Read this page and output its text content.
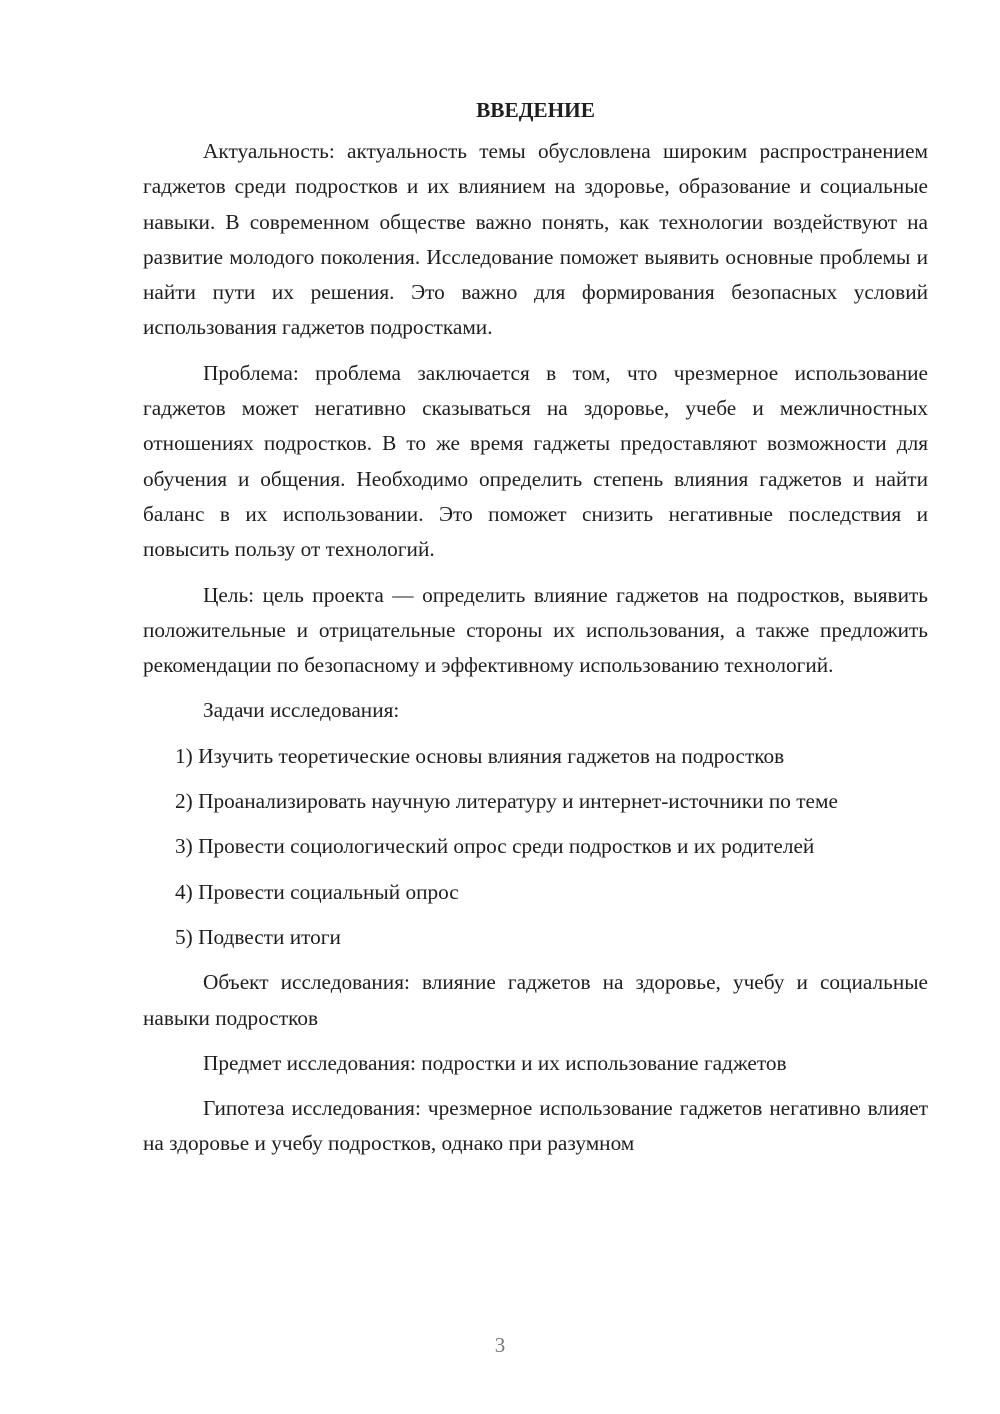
ВВЕДЕНИЕ

Актуальность: актуальность темы обусловлена широким распространением гаджетов среди подростков и их влиянием на здоровье, образование и социальные навыки. В современном обществе важно понять, как технологии воздействуют на развитие молодого поколения. Исследование поможет выявить основные проблемы и найти пути их решения. Это важно для формирования безопасных условий использования гаджетов подростками.

Проблема: проблема заключается в том, что чрезмерное использование гаджетов может негативно сказываться на здоровье, учебе и межличностных отношениях подростков. В то же время гаджеты предоставляют возможности для обучения и общения. Необходимо определить степень влияния гаджетов и найти баланс в их использовании. Это поможет снизить негативные последствия и повысить пользу от технологий.

Цель: цель проекта — определить влияние гаджетов на подростков, выявить положительные и отрицательные стороны их использования, а также предложить рекомендации по безопасному и эффективному использованию технологий.

Задачи исследования:

1) Изучить теоретические основы влияния гаджетов на подростков

2) Проанализировать научную литературу и интернет-источники по теме

3) Провести социологический опрос среди подростков и их родителей

4) Провести социальный опрос

5) Подвести итоги

Объект исследования: влияние гаджетов на здоровье, учебу и социальные навыки подростков

Предмет исследования: подростки и их использование гаджетов

Гипотеза исследования: чрезмерное использование гаджетов негативно влияет на здоровье и учебу подростков, однако при разумном

3
